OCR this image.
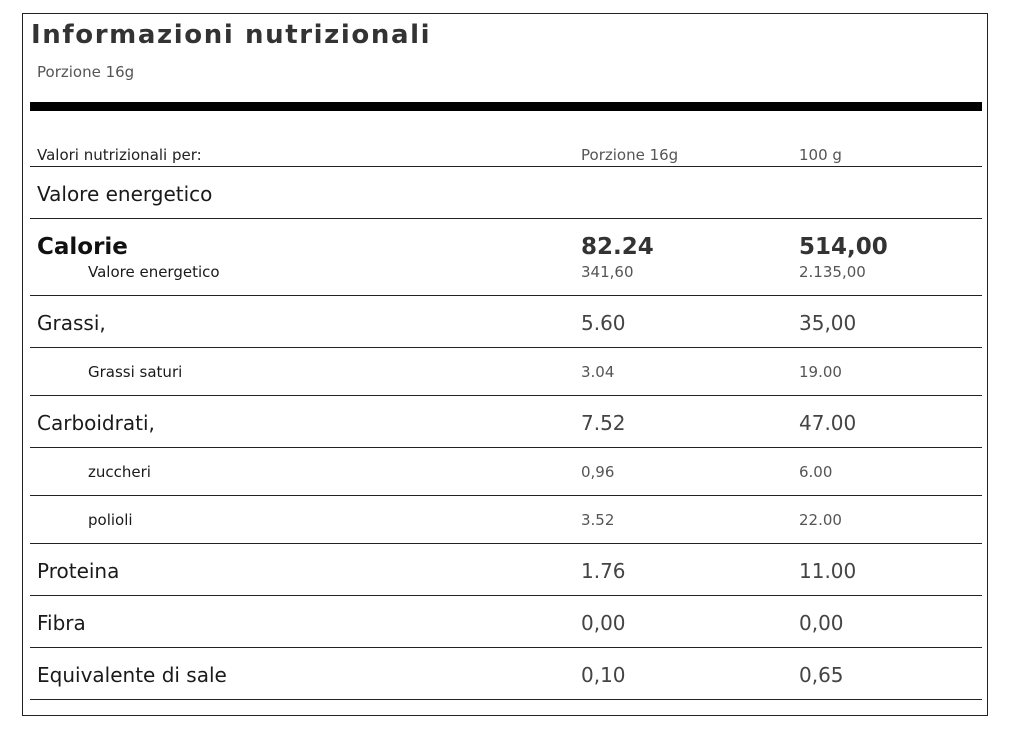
Informazioni nutrizionali
Porzione 16g
Valori nutrizionali per:	Porzione 16g	100 g
Valore energetico
Calorie	82.24	514,00
Valore energetico	341,60	2.135,00
Grassi,	5.60	35,00
Grassi saturi	3.04	19.00
Carboidrati,	7.52	47.00
zuccheri	0,96	6.00
polioli	3.52	22.00
Proteina	1.76	11.00
Fibra	0,00	0,00
Equivalente di sale	0,10	0,65
